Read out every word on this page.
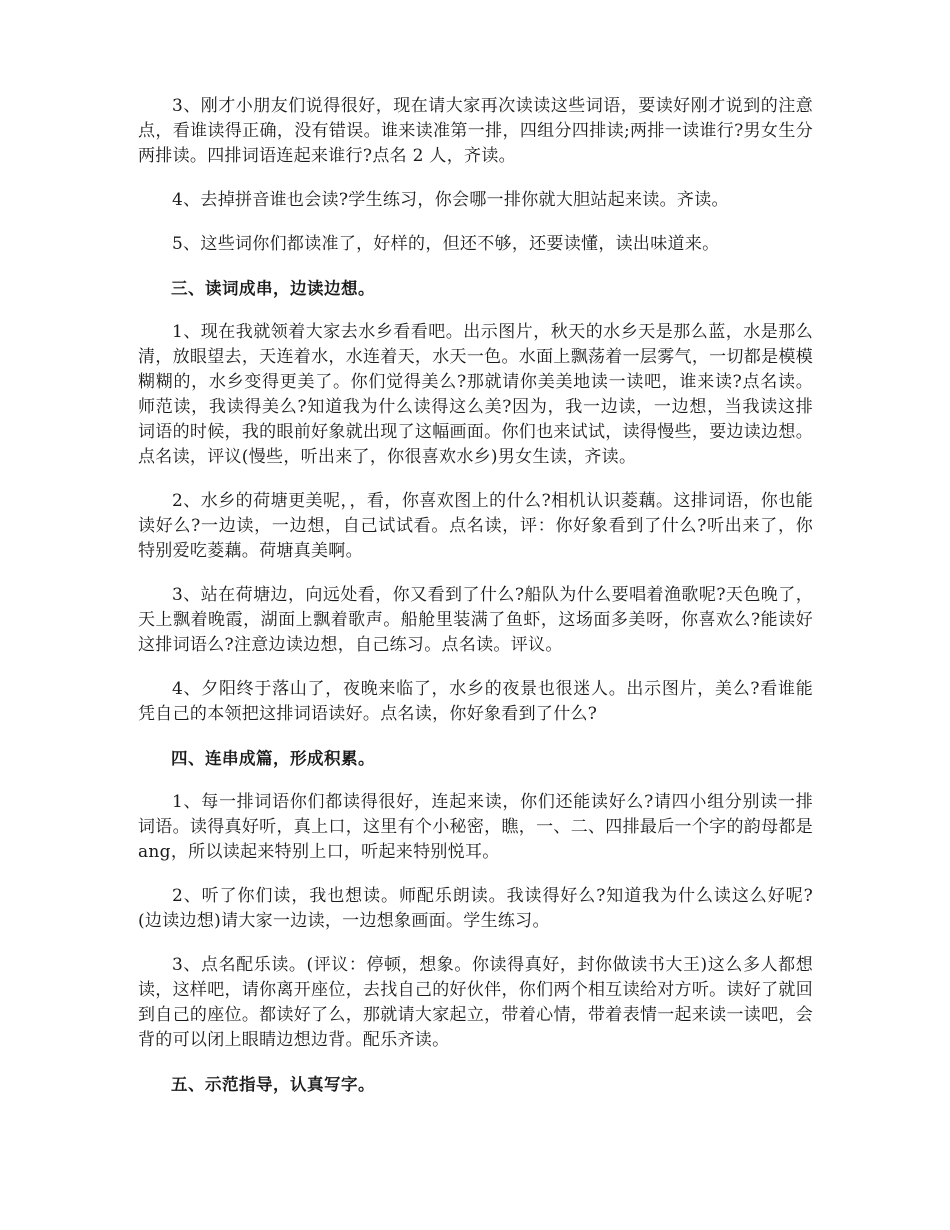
3、刚才小朋友们说得很好，现在请大家再次读读这些词语，要读好刚才说到的注意点，看谁读得正确，没有错误。谁来读准第一排，四组分四排读;两排一读谁行?男女生分两排读。四排词语连起来谁行?点名 2 人，齐读。

4、去掉拼音谁也会读?学生练习，你会哪一排你就大胆站起来读。齐读。

5、这些词你们都读准了，好样的，但还不够，还要读懂，读出味道来。

三、读词成串，边读边想。

1、现在我就领着大家去水乡看看吧。出示图片，秋天的水乡天是那么蓝，水是那么清，放眼望去，天连着水，水连着天，水天一色。水面上飘荡着一层雾气，一切都是模模糊糊的，水乡变得更美了。你们觉得美么?那就请你美美地读一读吧，谁来读?点名读。师范读，我读得美么?知道我为什么读得这么美?因为，我一边读，一边想，当我读这排词语的时候，我的眼前好象就出现了这幅画面。你们也来试试，读得慢些，要边读边想。点名读，评议(慢些，听出来了，你很喜欢水乡)男女生读，齐读。

2、水乡的荷塘更美呢，，看，你喜欢图上的什么?相机认识菱藕。这排词语，你也能读好么?一边读，一边想，自己试试看。点名读，评：你好象看到了什么?听出来了，你特别爱吃菱藕。荷塘真美啊。

3、站在荷塘边，向远处看，你又看到了什么?船队为什么要唱着渔歌呢?天色晚了，天上飘着晚霞，湖面上飘着歌声。船舱里装满了鱼虾，这场面多美呀，你喜欢么?能读好这排词语么?注意边读边想，自己练习。点名读。评议。

4、夕阳终于落山了，夜晚来临了，水乡的夜景也很迷人。出示图片，美么?看谁能凭自己的本领把这排词语读好。点名读，你好象看到了什么?

四、连串成篇，形成积累。

1、每一排词语你们都读得很好，连起来读，你们还能读好么?请四小组分别读一排词语。读得真好听，真上口，这里有个小秘密，瞧，一、二、四排最后一个字的韵母都是 ang，所以读起来特别上口，听起来特别悦耳。

2、听了你们读，我也想读。师配乐朗读。我读得好么?知道我为什么读这么好呢?(边读边想)请大家一边读，一边想象画面。学生练习。

3、点名配乐读。(评议：停顿，想象。你读得真好，封你做读书大王)这么多人都想读，这样吧，请你离开座位，去找自己的好伙伴，你们两个相互读给对方听。读好了就回到自己的座位。都读好了么，那就请大家起立，带着心情，带着表情一起来读一读吧，会背的可以闭上眼睛边想边背。配乐齐读。

五、示范指导，认真写字。
